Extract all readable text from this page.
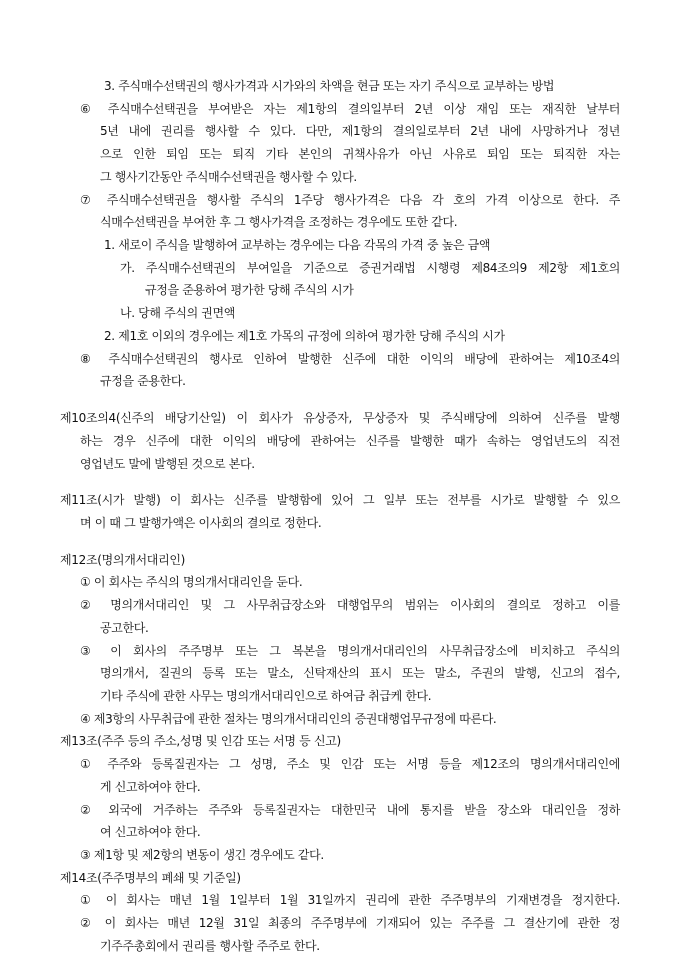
3. 주식매수선택권의 행사가격과 시가와의 차액을 현금 또는 자기 주식으로 교부하는 방법
⑥ 주식매수선택권을 부여받은 자는 제1항의 결의일부터 2년 이상 재임 또는 재직한 날부터
5년 내에 권리를 행사할 수 있다. 다만, 제1항의 결의일로부터 2년 내에 사망하거나 정년
으로 인한 퇴임 또는 퇴직 기타 본인의 귀책사유가 아닌 사유로 퇴임 또는 퇴직한 자는
그 행사기간동안 주식매수선택권을 행사할 수 있다.
⑦ 주식매수선택권을 행사할 주식의 1주당 행사가격은 다음 각 호의 가격 이상으로 한다. 주
식매수선택권을 부여한 후 그 행사가격을 조정하는 경우에도 또한 같다.
1. 새로이 주식을 발행하여 교부하는 경우에는 다음 각목의 가격 중 높은 금액
가. 주식매수선택권의 부여일을 기준으로 증권거래법 시행령 제84조의9 제2항 제1호의
규정을 준용하여 평가한 당해 주식의 시가
나. 당해 주식의 권면액
2. 제1호 이외의 경우에는 제1호 가목의 규정에 의하여 평가한 당해 주식의 시가
⑧ 주식매수선택권의 행사로 인하여 발행한 신주에 대한 이익의 배당에 관하여는 제10조4의
규정을 준용한다.
제10조의4(신주의 배당기산일) 이 회사가 유상증자, 무상증자 및 주식배당에 의하여 신주를 발행
하는 경우 신주에 대한 이익의 배당에 관하여는 신주를 발행한 때가 속하는 영업년도의 직전
영업년도 말에 발행된 것으로 본다.
제11조(시가 발행) 이 회사는 신주를 발행함에 있어 그 일부 또는 전부를 시가로 발행할 수 있으
며 이 때 그 발행가액은 이사회의 결의로 정한다.
제12조(명의개서대리인)
① 이 회사는 주식의 명의개서대리인을 둔다.
② 명의개서대리인 및 그 사무취급장소와 대행업무의 범위는 이사회의 결의로 정하고 이를
공고한다.
③ 이 회사의 주주명부 또는 그 복본을 명의개서대리인의 사무취급장소에 비치하고 주식의
명의개서, 질권의 등록 또는 말소, 신탁재산의 표시 또는 말소, 주권의 발행, 신고의 접수,
기타 주식에 관한 사무는 명의개서대리인으로 하여금 취급케 한다.
④ 제3항의 사무취급에 관한 절차는 명의개서대리인의 증권대행업무규정에 따른다.
제13조(주주 등의 주소,성명 및 인감 또는 서명 등 신고)
① 주주와 등록질권자는 그 성명, 주소 및 인감 또는 서명 등을 제12조의 명의개서대리인에
게 신고하여야 한다.
② 외국에 거주하는 주주와 등록질권자는 대한민국 내에 통지를 받을 장소와 대리인을 정하
여 신고하여야 한다.
③ 제1항 및 제2항의 변동이 생긴 경우에도 같다.
제14조(주주명부의 폐쇄 및 기준일)
① 이 회사는 매년 1월 1일부터 1월 31일까지 권리에 관한 주주명부의 기재변경을 정지한다.
② 이 회사는 매년 12월 31일 최종의 주주명부에 기재되어 있는 주주를 그 결산기에 관한 정
기주주총회에서 권리를 행사할 주주로 한다.
